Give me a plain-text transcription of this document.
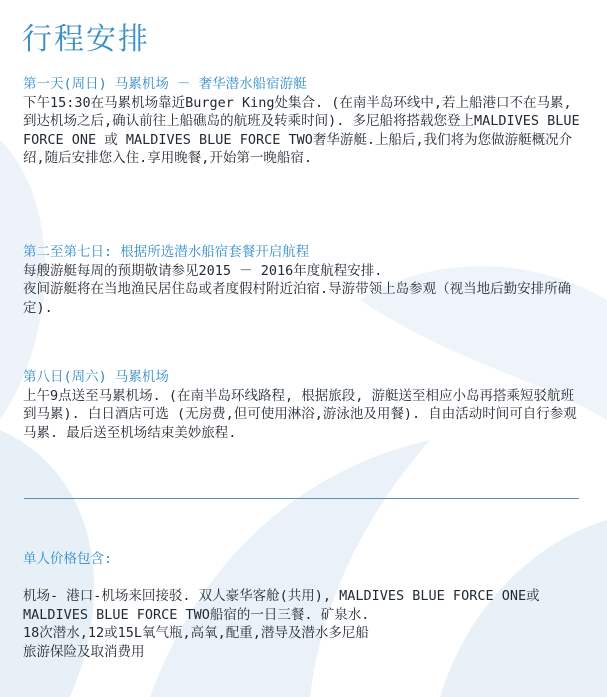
行程安排
第一天(周日) 马累机场 － 奢华潜水船宿游艇
下午15:30在马累机场靠近Burger King处集合. (在南半岛环线中,若上船港口不在马累,到达机场之后,确认前往上船礁岛的航班及转乘时间). 多尼船将搭载您登上MALDIVES BLUE FORCE ONE 或 MALDIVES BLUE FORCE TWO奢华游艇.上船后,我们将为您做游艇概况介绍,随后安排您入住.享用晚餐,开始第一晚船宿.
第二至第七日: 根据所选潜水船宿套餐开启航程
每艘游艇每周的预期敬请参见2015 － 2016年度航程安排.
夜间游艇将在当地渔民居住岛或者度假村附近泊宿.导游带领上岛参观（视当地后勤安排所确定).
第八日(周六) 马累机场
上午9点送至马累机场. (在南半岛环线路程, 根据旅段, 游艇送至相应小岛再搭乘短驳航班到马累). 白日酒店可选 (无房费,但可使用淋浴,游泳池及用餐). 自由活动时间可自行参观马累. 最后送至机场结束美妙旅程.
单人价格包含:
机场- 港口-机场来回接驳. 双人豪华客舱(共用), MALDIVES BLUE FORCE ONE或 MALDIVES BLUE FORCE TWO船宿的一日三餐. 矿泉水.
18次潜水,12或15L氧气瓶,高氧,配重,潜导及潜水多尼船
旅游保险及取消费用
